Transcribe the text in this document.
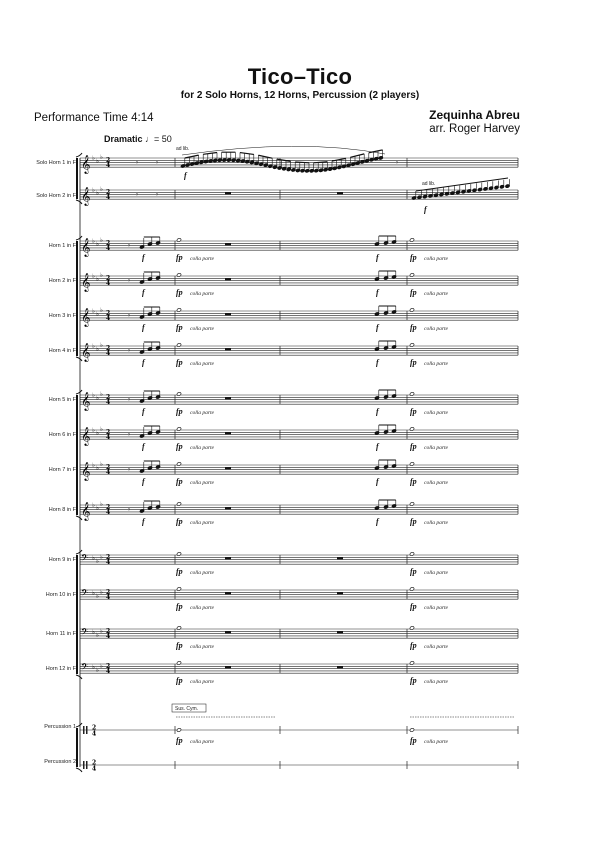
Tico–Tico
for 2 Solo Horns, 12 Horns, Percussion (2 players)
Performance Time 4:14	Zequinha Abreu
arr. Roger Harvey
Dramatic ♩= 50
Solo Horn 1 in F
Solo Horn 2 in F
Horn 1 in F
Horn 2 in F
Horn 3 in F
Horn 4 in F
Horn 5 in F
Horn 6 in F
Horn 7 in F
Horn 8 in F
Horn 9 in F
Horn 10 in F
Horn 11 in F
Horn 12 in F
Percussion 1
Percussion 2
𝄞 ♭ ♭
♭ 2
4
𝄞 ♭ ♭
♭ 2
4
𝄞 ♭ ♭
♭ 2
4
𝄞 ♭ ♭
♭ 2
4
𝄞 ♭ ♭
♭ 2
4
𝄞 ♭ ♭
♭ 2
4
𝄞 ♭ ♭
♭ 2
4
𝄞 ♭ ♭
♭ 2
4
𝄞 ♭ ♭
♭ 2
4
𝄞 ♭ ♭
♭ 2
4
𝄢 ♭ ♭
♭ 2
4
𝄢 ♭ ♭
♭ 2
4
𝄢 ♭ ♭
♭ 2
4
𝄢 ♭ ♭
♭ 2
4
2
4
2
4
ad lib.
𝄾	𝄾
f
𝄾
𝄾	𝄾
ad lib.
f
𝄾
f	f
fp colla parte	fp colla parte
𝄾
f	f
fp colla parte	fp colla parte
𝄾
f	f
fp colla parte	fp colla parte
𝄾
f	f
fp colla parte	fp colla parte
𝄾
f	f
fp colla parte	fp colla parte
𝄾
f	f
fp colla parte	fp colla parte
𝄾
f	f
fp colla parte	fp colla parte
𝄾
f	f
fp colla parte	fp colla parte
fp colla parte	fp colla parte
fp colla parte	fp colla parte
fp colla parte	fp colla parte
fp colla parte	fp colla parte
Sus. Cym.
fp colla parte	fp colla parte
